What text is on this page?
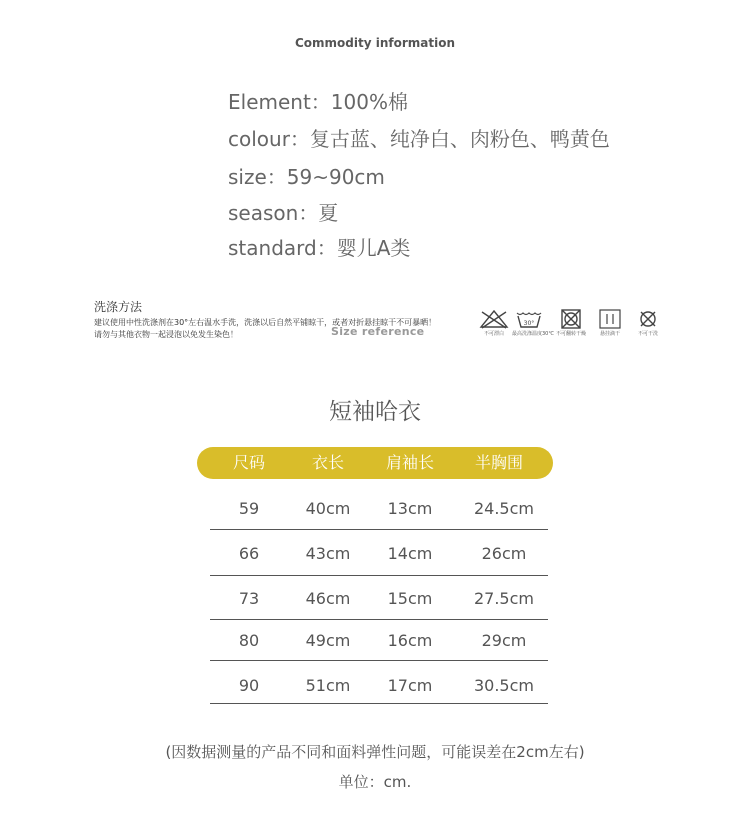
Commodity information
Element：100%棉
colour：复古蓝、纯净白、肉粉色、鸭黄色
size：59~90cm
season：夏
standard：婴儿A类
洗涤方法
建议使用中性洗涤剂在30°左右温水手洗，洗涤以后自然平铺晾干，或者对折悬挂晾干不可暴晒！
请勿与其他衣物一起浸泡以免发生染色！	Size reference	不可漂白
30°
最高洗涤温度30℃ 不可翻转干燥	悬挂滴干	不可干洗
短袖哈衣
尺码	衣长	肩袖长	半胸围
59	40cm	13cm	24.5cm
66	43cm	14cm	26cm
73	46cm	15cm	27.5cm
80	49cm	16cm	29cm
90	51cm	17cm	30.5cm
(因数据测量的产品不同和面料弹性问题，可能误差在2cm左右)
单位：cm.
